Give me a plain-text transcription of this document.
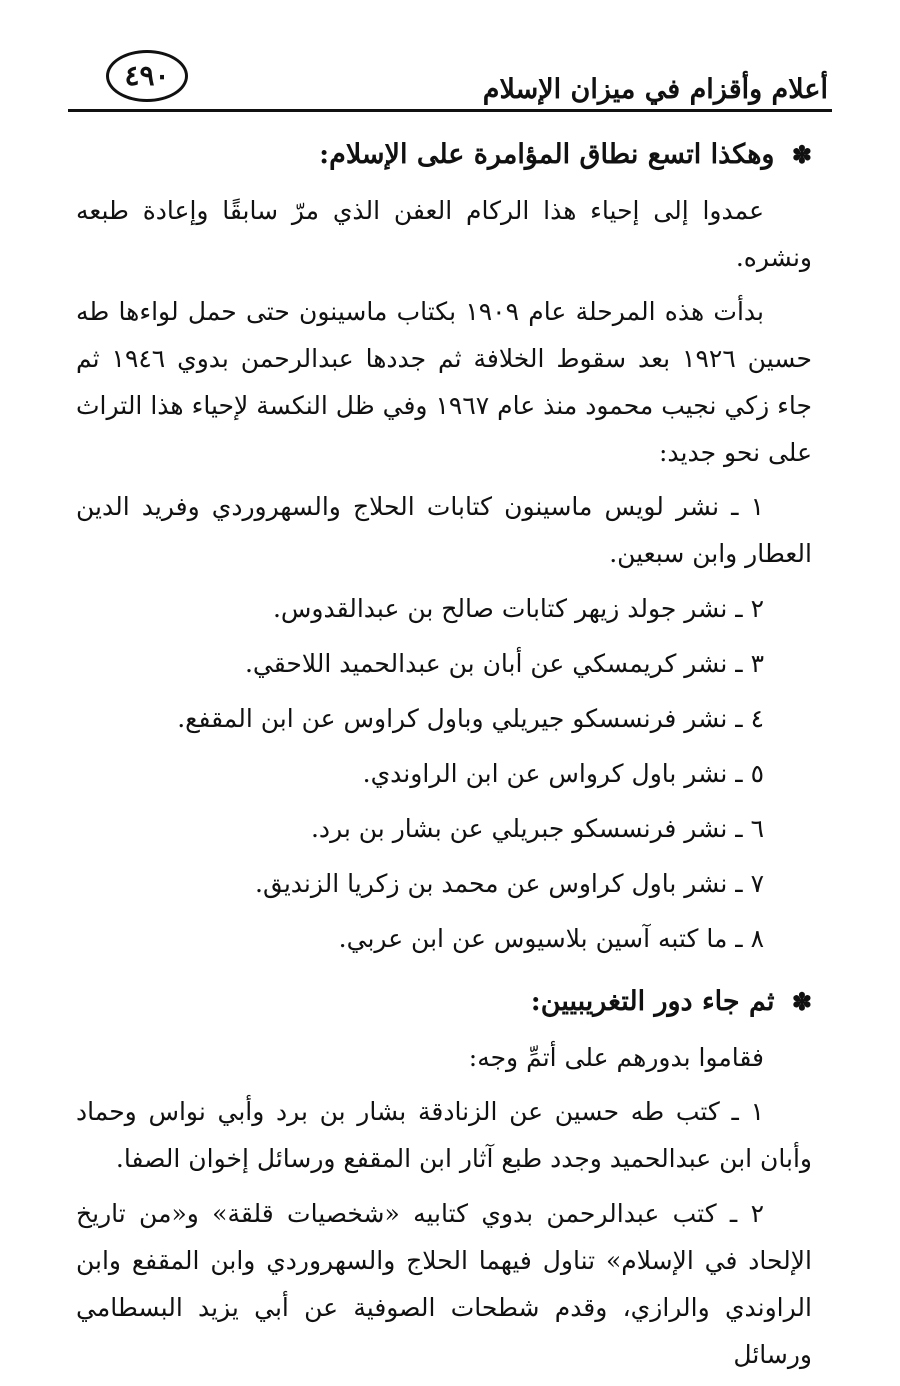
أعلام وأقزام في ميزان الإسلام
٤٩٠
✽ وهكذا اتسع نطاق المؤامرة على الإسلام:

عمدوا إلى إحياء هذا الركام العفن الذي مرّ سابقًا وإعادة طبعه ونشره.

بدأت هذه المرحلة عام ١٩٠٩ بكتاب ماسينون حتى حمل لواءها طه حسين ١٩٢٦ بعد سقوط الخلافة ثم جددها عبدالرحمن بدوي ١٩٤٦ ثم جاء زكي نجيب محمود منذ عام ١٩٦٧ وفي ظل النكسة لإحياء هذا التراث على نحو جديد:

١ ـ نشر لويس ماسينون كتابات الحلاج والسهروردي وفريد الدين العطار وابن سبعين.

٢ ـ نشر جولد زيهر كتابات صالح بن عبدالقدوس.
٣ ـ نشر كريمسكي عن أبان بن عبدالحميد اللاحقي.
٤ ـ نشر فرنسسكو جيريلي وباول كراوس عن ابن المقفع.
٥ ـ نشر باول كرواس عن ابن الراوندي.
٦ ـ نشر فرنسسكو جبريلي عن بشار بن برد.
٧ ـ نشر باول كراوس عن محمد بن زكريا الزنديق.
٨ ـ ما كتبه آسين بلاسيوس عن ابن عربي.
✽ ثم جاء دور التغريبيين:

فقاموا بدورهم على أتمِّ وجه:

١ ـ كتب طه حسين عن الزنادقة بشار بن برد وأبي نواس وحماد وأبان ابن عبدالحميد وجدد طبع آثار ابن المقفع ورسائل إخوان الصفا.

٢ ـ كتب عبدالرحمن بدوي كتابيه «شخصيات قلقة» و«من تاريخ الإلحاد في الإسلام» تناول فيهما الحلاج والسهروردي وابن المقفع وابن الراوندي والرازي، وقدم شطحات الصوفية عن أبي يزيد البسطامي ورسائل
